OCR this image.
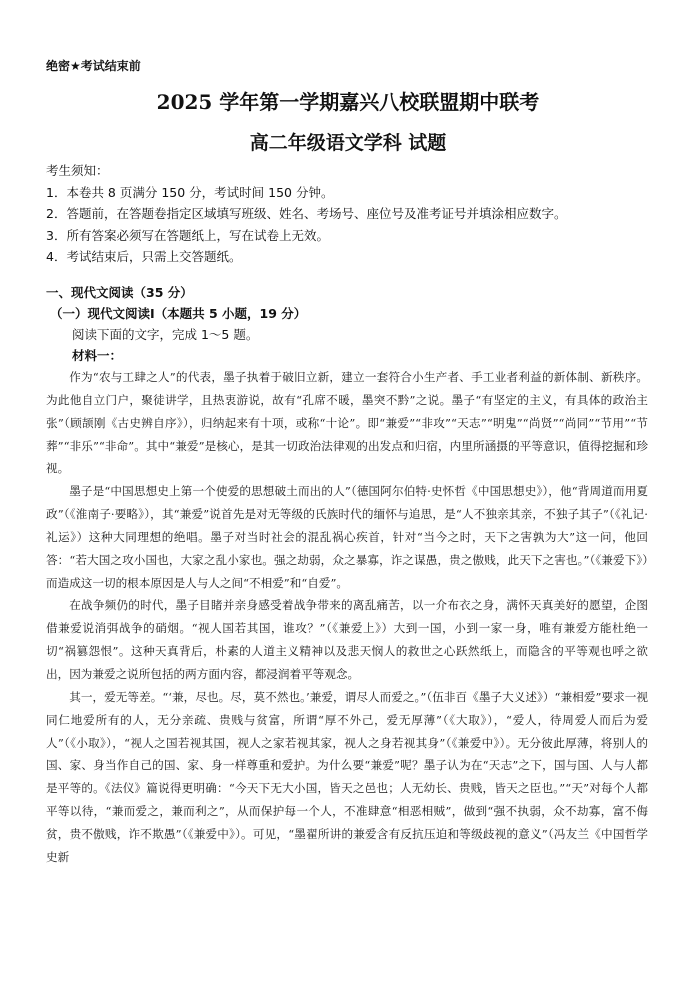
绝密★考试结束前
2025 学年第一学期嘉兴八校联盟期中联考
高二年级语文学科 试题

考生须知：

1．本卷共 8 页满分 150 分，考试时间 150 分钟。

2．答题前，在答题卷指定区域填写班级、姓名、考场号、座位号及准考证号并填涂相应数字。

3．所有答案必须写在答题纸上，写在试卷上无效。

4．考试结束后，只需上交答题纸。

一、现代文阅读（35 分）
（一）现代文阅读Ⅰ（本题共 5 小题，19 分）
阅读下面的文字，完成 1～5 题。
材料一：

作为“农与工肆之人”的代表，墨子执着于破旧立新，建立一套符合小生产者、手工业者利益的新体制、新秩序。为此他自立门户，聚徒讲学，且热衷游说，故有“孔席不暖，墨突不黔”之说。墨子“有坚定的主义，有具体的政治主张”（顾颉刚《古史辨自序》），归纳起来有十项，或称“十论”。即“兼爱”“非攻”“天志”“明鬼”“尚贤”“尚同”“节用”“节葬”“非乐”“非命”。其中“兼爱”是核心，是其一切政治法律观的出发点和归宿，内里所涵摄的平等意识，值得挖掘和珍视。

墨子是“中国思想史上第一个使爱的思想破土而出的人”（德国阿尔伯特·史怀哲《中国思想史》），他“背周道而用夏政”（《淮南子·要略》），其“兼爱”说首先是对无等级的氏族时代的缅怀与追思，是“人不独亲其亲，不独子其子”（《礼记·礼运》）这种大同理想的绝唱。墨子对当时社会的混乱祸心疾首，针对“当今之时，天下之害孰为大”这一问，他回答：“若大国之攻小国也，大家之乱小家也。强之劫弱，众之暴寡，诈之谋愚，贵之傲贱，此天下之害也。”（《兼爱下》）而造成这一切的根本原因是人与人之间“不相爱”和“自爱”。

在战争频仍的时代，墨子目睹并亲身感受着战争带来的离乱痛苦，以一介布衣之身，满怀天真美好的愿望，企图借兼爱说消弭战争的硝烟。“视人国若其国，谁攻？”（《兼爱上》）大到一国，小到一家一身，唯有兼爱方能杜绝一切“祸篡怨恨”。这种天真背后，朴素的人道主义精神以及悲天悯人的救世之心跃然纸上，而隐含的平等观也呼之欲出，因为兼爱之说所包括的两方面内容，都浸润着平等观念。

其一，爱无等差。“‘兼，尽也。尽，莫不然也。’兼爱，谓尽人而爱之。”（伍非百《墨子大义述》）“兼相爱”要求一视同仁地爱所有的人，无分亲疏、贵贱与贫富，所谓“厚不外己，爱无厚薄”（《大取》），“爱人，待周爱人而后为爱人”（《小取》），“视人之国若视其国，视人之家若视其家，视人之身若视其身”（《兼爱中》）。无分彼此厚薄，将别人的国、家、身当作自己的国、家、身一样尊重和爱护。为什么要“兼爱”呢？墨子认为在“天志”之下，国与国、人与人都是平等的。《法仪》篇说得更明确：“今天下无大小国，皆天之邑也；人无幼长、贵贱，皆天之臣也。”“天”对每个人都平等以待，“兼而爱之，兼而利之”，从而保护每一个人，不准肆意“相恶相贼”，做到“强不执弱，众不劫寡，富不侮贫，贵不傲贱，诈不欺愚”（《兼爱中》）。可见，“墨翟所讲的兼爱含有反抗压迫和等级歧视的意义”（冯友兰《中国哲学史新
